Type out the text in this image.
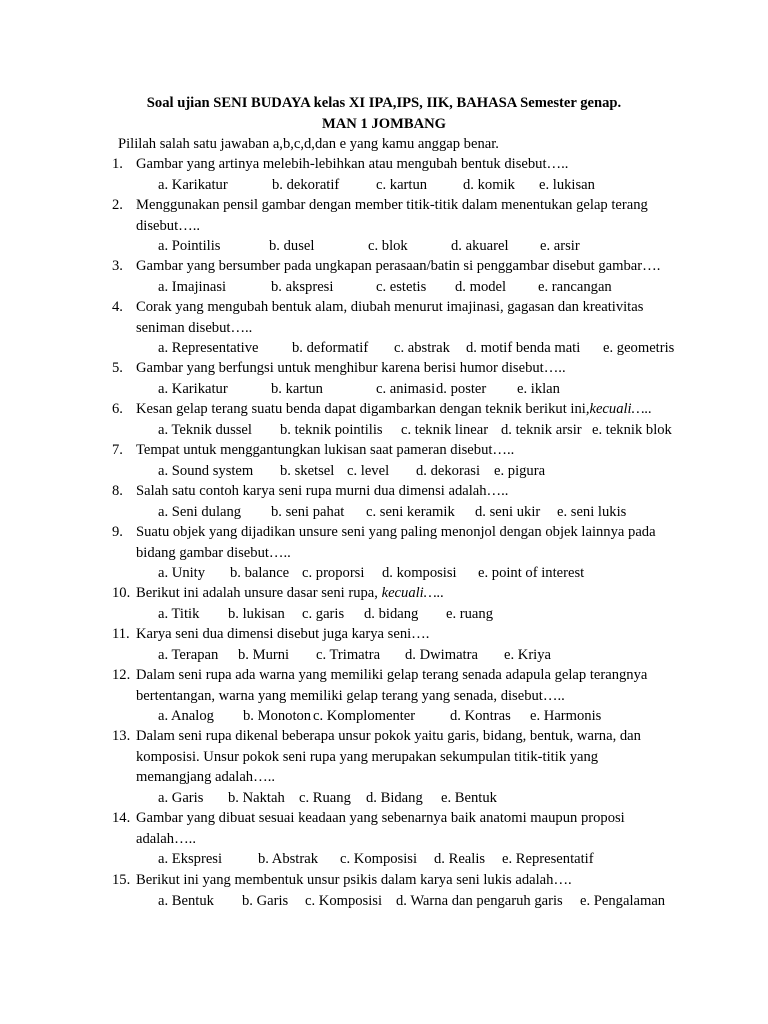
Soal ujian SENI BUDAYA kelas XI IPA,IPS, IIK, BAHASA Semester genap.
MAN 1 JOMBANG
Pililah salah satu jawaban a,b,c,d,dan e yang kamu anggap benar.
1. Gambar yang artinya melebih-lebihkan atau mengubah bentuk disebut…..
a. Karikatur	b. dekoratif	c. kartun d. komik e. lukisan
2. Menggunakan pensil gambar dengan member titik-titik dalam menentukan gelap terang
disebut…..
a. Pointilis	b. dusel	c. blok	d. akuarel e. arsir
3. Gambar yang bersumber pada ungkapan perasaan/batin si penggambar disebut gambar….
a. Imajinasi	b. akspresi	c. estetis d. model e. rancangan
4. Corak yang mengubah bentuk alam, diubah menurut imajinasi, gagasan dan kreativitas
seniman disebut…..
a. Representative b. deformatif c. abstrak d. motif benda mati e. geometris
5. Gambar yang berfungsi untuk menghibur karena berisi humor disebut…..
a. Karikatur	b. kartun	c. animasi d. poster e. iklan
6. Kesan gelap terang suatu benda dapat digambarkan dengan teknik berikut ini,kecuali…..
a. Teknik dussel b. teknik pointilis c. teknik linear d. teknik arsir e. teknik blok
7. Tempat untuk menggantungkan lukisan saat pameran disebut…..
a. Sound system b. sketsel c. level d. dekorasi e. pigura
8. Salah satu contoh karya seni rupa murni dua dimensi adalah…..
a. Seni dulang b. seni pahat c. seni keramik d. seni ukir e. seni lukis
9. Suatu objek yang dijadikan unsure seni yang paling menonjol dengan objek lainnya pada
bidang gambar disebut…..
a. Unity b. balance c. proporsi d. komposisi e. point of interest
10. Berikut ini adalah unsure dasar seni rupa, kecuali…..
a. Titik b. lukisan c. garis d. bidang e. ruang
11. Karya seni dua dimensi disebut juga karya seni….
a. Terapan b. Murni c. Trimatra d. Dwimatra e. Kriya
12. Dalam seni rupa ada warna yang memiliki gelap terang senada adapula gelap terangnya
bertentangan, warna yang memiliki gelap terang yang senada, disebut…..
a. Analog b. Monoton c. Komplomenter d. Kontras e. Harmonis
13. Dalam seni rupa dikenal beberapa unsur pokok yaitu garis, bidang, bentuk, warna, dan
komposisi. Unsur pokok seni rupa yang merupakan sekumpulan titik-titik yang
memangjang adalah…..
a. Garis b. Naktah c. Ruang d. Bidang e. Bentuk
14. Gambar yang dibuat sesuai keadaan yang sebenarnya baik anatomi maupun proposi
adalah…..
a. Ekspresi b. Abstrak c. Komposisi d. Realis e. Representatif
15. Berikut ini yang membentuk unsur psikis dalam karya seni lukis adalah….
a. Bentuk b. Garis c. Komposisi d. Warna dan pengaruh garis e. Pengalaman
